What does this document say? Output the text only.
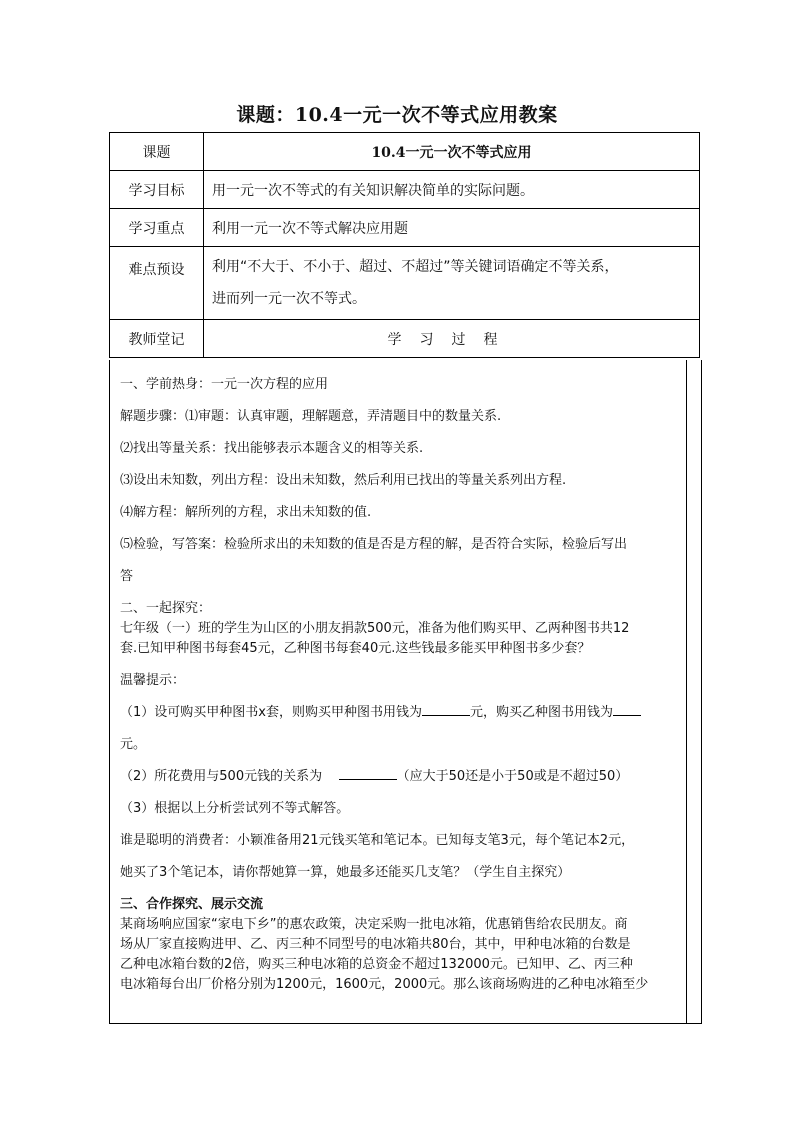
课题：10.4一元一次不等式应用教案
课题	10.4一元一次不等式应用
学习目标	用一元一次不等式的有关知识解决简单的实际问题。
学习重点	利用一元一次不等式解决应用题
难点预设	利用“不大于、不小于、超过、不超过”等关键词语确定不等关系，
进而列一元一次不等式。

教师堂记	学习过程

一、学前热身：一元一次方程的应用

解题步骤：⑴审题：认真审题，理解题意，弄清题目中的数量关系.

⑵找出等量关系：找出能够表示本题含义的相等关系.

⑶设出未知数，列出方程：设出未知数，然后利用已找出的等量关系列出方程.

⑷解方程：解所列的方程，求出未知数的值.

⑸检验，写答案：检验所求出的未知数的值是否是方程的解，是否符合实际，检验后写出

答

二、一起探究：

七年级（一）班的学生为山区的小朋友捐款500元，准备为他们购买甲、乙两种图书共12

套.已知甲种图书每套45元，乙种图书每套40元.这些钱最多能买甲种图书多少套？

温馨提示：

（1）设可购买甲种图书x套，则购买甲种图书用钱为	元，购买乙种图书用钱为

元。

（2）所花费用与500元钱的关系为	（应大于50还是小于50或是不超过50）

（3）根据以上分析尝试列不等式解答。

谁是聪明的消费者：小颖准备用21元钱买笔和笔记本。已知每支笔3元，每个笔记本2元，

她买了3个笔记本，请你帮她算一算，她最多还能买几支笔？（学生自主探究）

三、合作探究、展示交流

某商场响应国家“家电下乡”的惠农政策，决定采购一批电冰箱，优惠销售给农民朋友。商

场从厂家直接购进甲、乙、丙三种不同型号的电冰箱共80台，其中，甲种电冰箱的台数是

乙种电冰箱台数的2倍，购买三种电冰箱的总资金不超过132000元。已知甲、乙、丙三种

电冰箱每台出厂价格分别为1200元，1600元，2000元。那么该商场购进的乙种电冰箱至少
